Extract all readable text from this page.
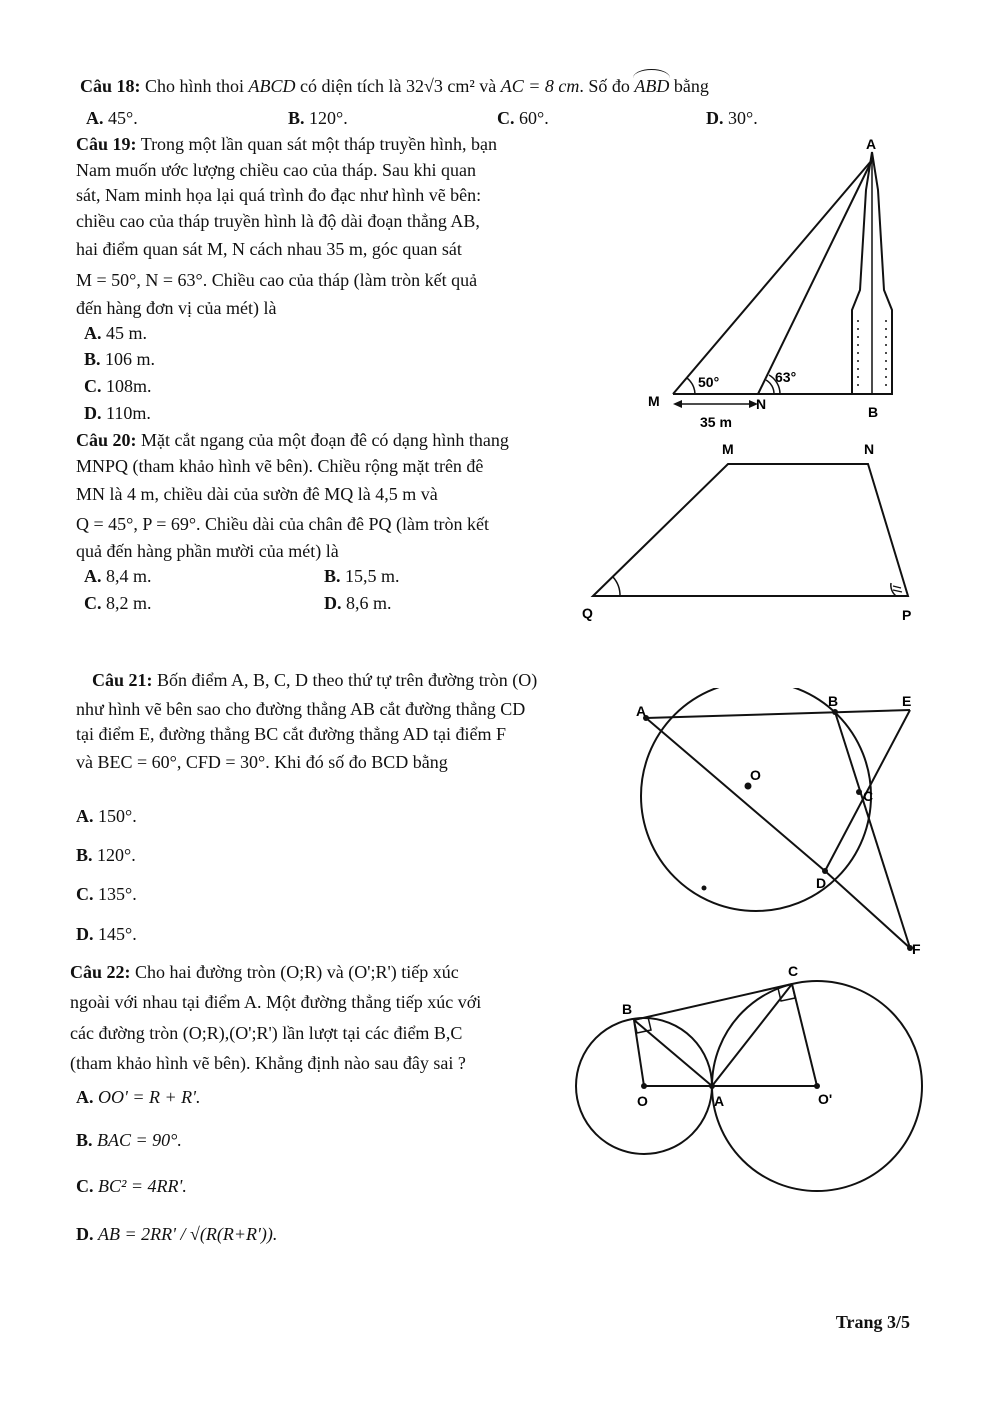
Câu 18: Cho hình thoi ABCD có diện tích là 32√3 cm² và AC = 8 cm. Số đo ABD bằng
A. 45°.	B. 120°.	C. 60°.	D. 30°.
Câu 19: Trong một lần quan sát một tháp truyền hình, bạn
Nam muốn ước lượng chiều cao của tháp. Sau khi quan
sát, Nam minh họa lại quá trình đo đạc như hình vẽ bên:
chiều cao của tháp truyền hình là độ dài đoạn thẳng AB,
hai điểm quan sát M, N cách nhau 35 m, góc quan sát
M = 50°, N = 63°. Chiều cao của tháp (làm tròn kết quả
đến hàng đơn vị của mét) là
A. 45 m.
B. 106 m.
C. 108m.
D. 110m.
A
B
M	N
50°	63°
35 m
Câu 20: Mặt cắt ngang của một đoạn đê có dạng hình thang
MNPQ (tham khảo hình vẽ bên). Chiều rộng mặt trên đê
MN là 4 m, chiều dài của sườn đê MQ là 4,5 m và
Q = 45°, P = 69°. Chiều dài của chân đê PQ (làm tròn kết
quả đến hàng phần mười của mét) là
A. 8,4 m.	B. 15,5 m.
C. 8,2 m.	D. 8,6 m.
M	N
Q	P
Câu 21: Bốn điểm A, B, C, D theo thứ tự trên đường tròn (O)
như hình vẽ bên sao cho đường thẳng AB cắt đường thẳng CD
tại điểm E, đường thẳng BC cắt đường thẳng AD tại điểm F
và BEC = 60°, CFD = 30°. Khi đó số đo BCD bằng
A. 150°.
B. 120°.
C. 135°.
D. 145°.
A
B
C
D
E
F
O
Câu 22: Cho hai đường tròn (O;R) và (O';R') tiếp xúc
ngoài với nhau tại điểm A. Một đường thẳng tiếp xúc với
các đường tròn (O;R),(O';R') lần lượt tại các điểm B,C
(tham khảo hình vẽ bên). Khẳng định nào sau đây sai ?
A. OO' = R + R'.
B. BAC = 90°.
C. BC² = 4RR'.
D. AB = 2RR' / √(R(R+R')).
B
C
O	A	O'
Trang 3/5
